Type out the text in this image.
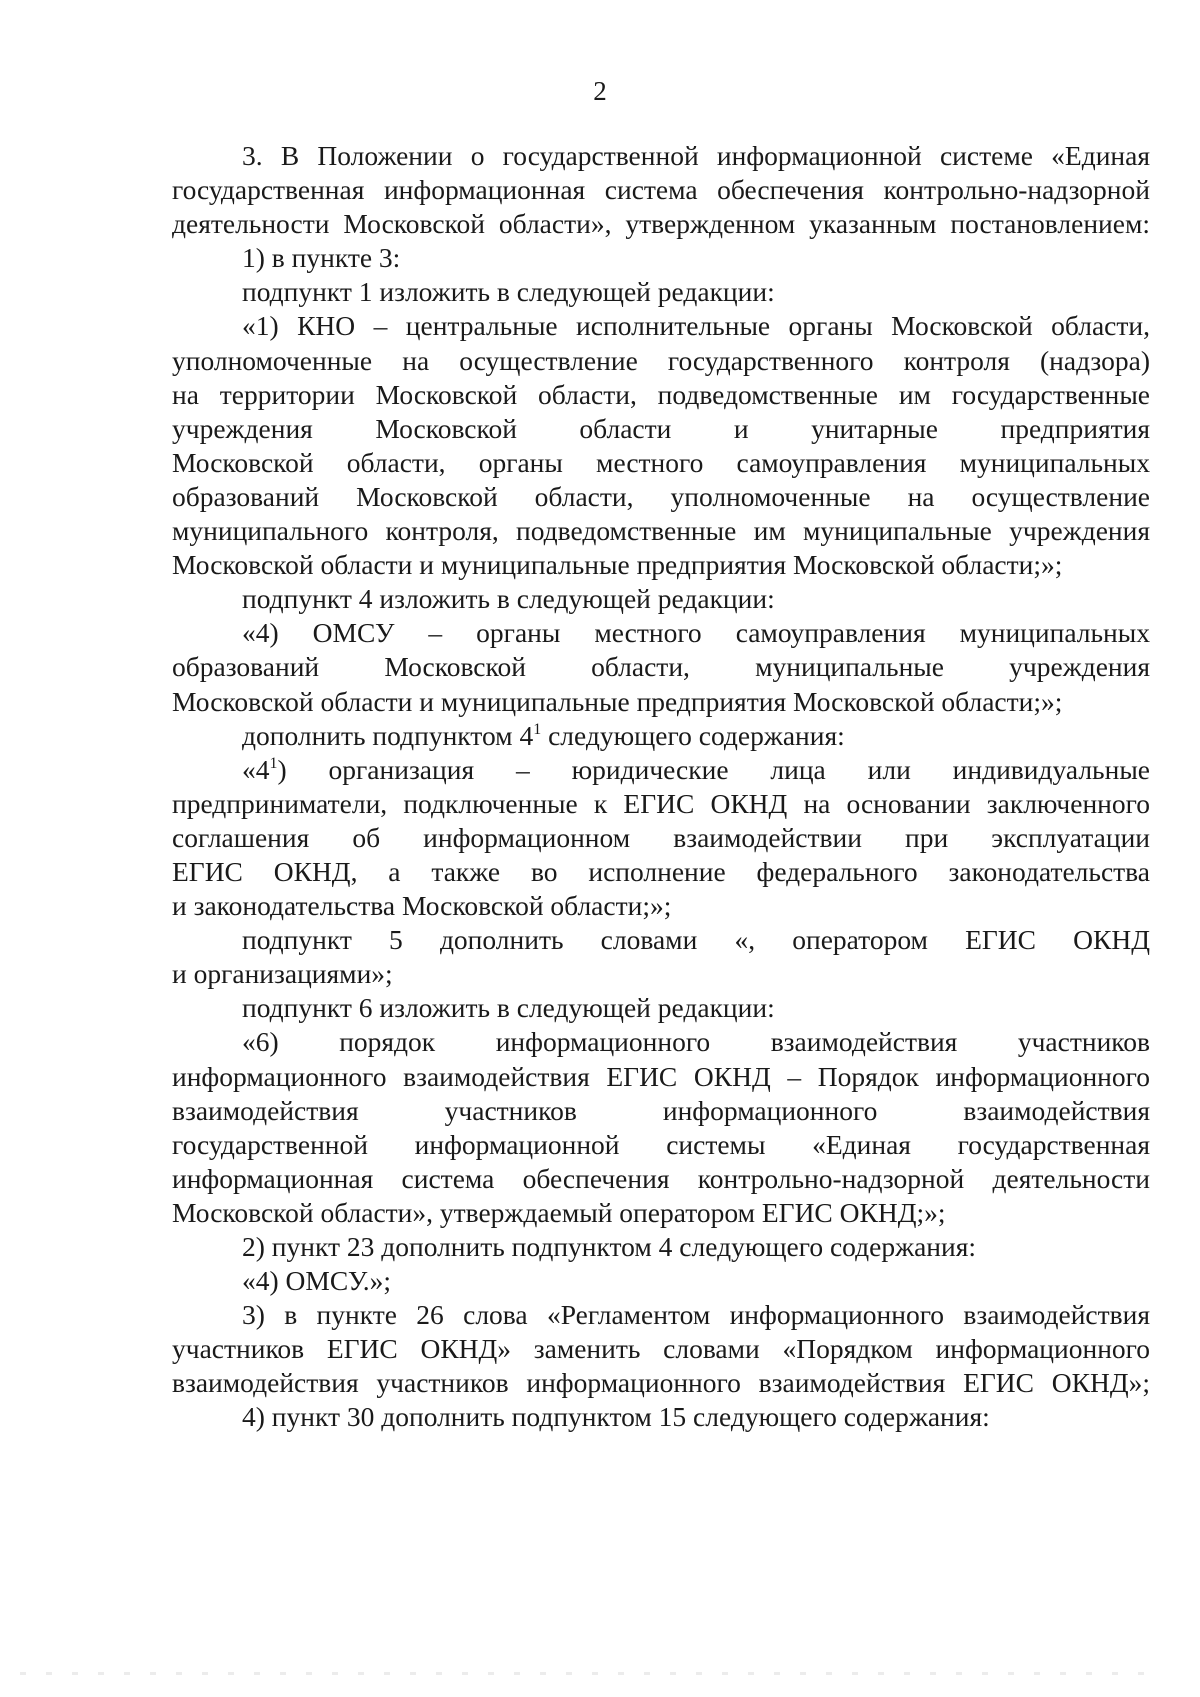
2
3. В Положении о государственной информационной системе «Единая
государственная информационная система обеспечения контрольно-надзорной
деятельности Московской области», утвержденном указанным постановлением:
1) в пункте 3:
подпункт 1 изложить в следующей редакции:
«1) КНО – центральные исполнительные органы Московской области,
уполномоченные на осуществление государственного контроля (надзора)
на территории Московской области, подведомственные им государственные
учреждения Московской области и унитарные предприятия
Московской области, органы местного самоуправления муниципальных
образований Московской области, уполномоченные на осуществление
муниципального контроля, подведомственные им муниципальные учреждения
Московской области и муниципальные предприятия Московской области;»;
подпункт 4 изложить в следующей редакции:
«4) ОМСУ – органы местного самоуправления муниципальных
образований Московской области, муниципальные учреждения
Московской области и муниципальные предприятия Московской области;»;
дополнить подпунктом $4^1$ следующего содержания:
«$4^1$) организация – юридические лица или индивидуальные
предприниматели, подключенные к ЕГИС ОКНД на основании заключенного
соглашения об информационном взаимодействии при эксплуатации
ЕГИС ОКНД, а также во исполнение федерального законодательства
и законодательства Московской области;»;
подпункт 5 дополнить словами «, оператором ЕГИС ОКНД
и организациями»;
подпункт 6 изложить в следующей редакции:
«6) порядок информационного взаимодействия участников
информационного взаимодействия ЕГИС ОКНД – Порядок информационного
взаимодействия участников информационного взаимодействия
государственной информационной системы «Единая государственная
информационная система обеспечения контрольно-надзорной деятельности
Московской области», утверждаемый оператором ЕГИС ОКНД;»;
2) пункт 23 дополнить подпунктом 4 следующего содержания:
«4) ОМСУ.»;
3) в пункте 26 слова «Регламентом информационного взаимодействия
участников ЕГИС ОКНД» заменить словами «Порядком информационного
взаимодействия участников информационного взаимодействия ЕГИС ОКНД»;
4) пункт 30 дополнить подпунктом 15 следующего содержания:
